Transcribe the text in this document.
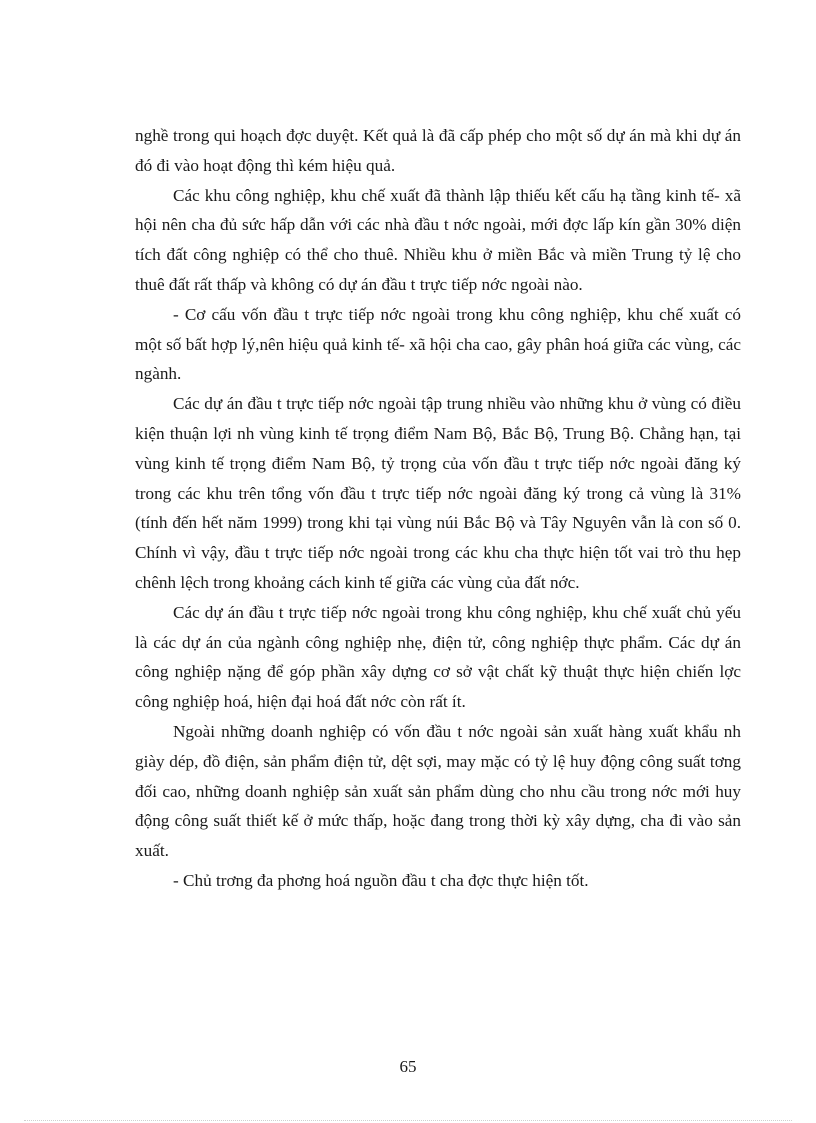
nghề trong qui hoạch đợc duyệt. Kết quả là đã cấp phép cho một số dự án mà khi dự án đó đi vào hoạt động thì kém hiệu quả.

Các khu công nghiệp, khu chế xuất đã thành lập thiếu kết cấu hạ tầng kinh tế- xã hội nên cha đủ sức hấp dẫn với các nhà đầu t nớc ngoài, mới đợc lấp kín gần 30% diện tích đất công nghiệp có thể cho thuê. Nhiều khu ở miền Bắc và miền Trung tỷ lệ cho thuê đất rất thấp và không có dự án đầu t trực tiếp nớc ngoài nào.

- Cơ cấu vốn đầu t trực tiếp nớc ngoài trong khu công nghiệp, khu chế xuất có một số bất hợp lý,nên hiệu quả kinh tế- xã hội cha cao, gây phân hoá giữa các vùng, các ngành.

Các dự án đầu t trực tiếp nớc ngoài tập trung nhiều vào những khu ở vùng có điều kiện thuận lợi nh vùng kinh tế trọng điểm Nam Bộ, Bắc Bộ, Trung Bộ. Chẳng hạn, tại vùng kinh tế trọng điểm Nam Bộ, tỷ trọng của vốn đầu t trực tiếp nớc ngoài đăng ký trong các khu trên tổng vốn đầu t trực tiếp nớc ngoài đăng ký trong cả vùng là 31% (tính đến hết năm 1999) trong khi tại vùng núi Bắc Bộ và Tây Nguyên vẫn là con số 0. Chính vì vậy, đầu t trực tiếp nớc ngoài trong các khu cha thực hiện tốt vai trò thu hẹp chênh lệch trong khoảng cách kinh tế giữa các vùng của đất nớc.

Các dự án đầu t trực tiếp nớc ngoài trong khu công nghiệp, khu chế xuất chủ yếu là các dự án của ngành công nghiệp nhẹ, điện tử, công nghiệp thực phẩm. Các dự án công nghiệp nặng để góp phần xây dựng cơ sở vật chất kỹ thuật thực hiện chiến lợc công nghiệp hoá, hiện đại hoá đất nớc còn rất ít.

Ngoài những doanh nghiệp có vốn đầu t nớc ngoài sản xuất hàng xuất khẩu nh giày dép, đồ điện, sản phẩm điện tử, dệt sợi, may mặc có tỷ lệ huy động công suất tơng đối cao, những doanh nghiệp sản xuất sản phẩm dùng cho nhu cầu trong nớc mới huy động công suất thiết kế ở mức thấp, hoặc đang trong thời kỳ xây dựng, cha đi vào sản xuất.

- Chủ trơng đa phơng hoá nguồn đầu t cha đợc thực hiện tốt.

65
